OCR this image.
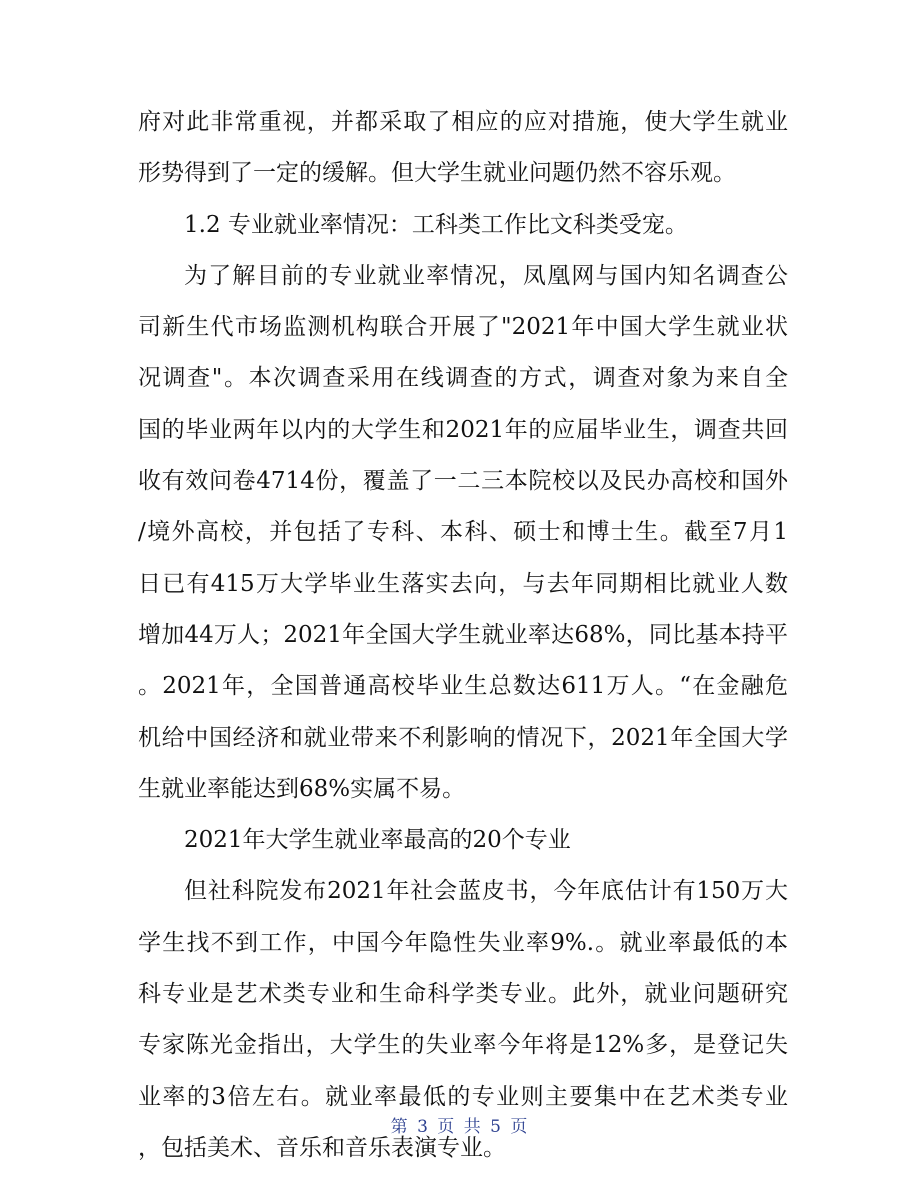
府对此非常重视，并都采取了相应的应对措施，使大学生就业
形势得到了一定的缓解。但大学生就业问题仍然不容乐观。
1.2 专业就业率情况：工科类工作比文科类受宠。
为了解目前的专业就业率情况，凤凰网与国内知名调查公
司新生代市场监测机构联合开展了"2021年中国大学生就业状
况调查"。本次调查采用在线调查的方式，调查对象为来自全
国的毕业两年以内的大学生和2021年的应届毕业生，调查共回
收有效问卷4714份，覆盖了一二三本院校以及民办高校和国外
/境外高校，并包括了专科、本科、硕士和博士生。截至7月1
日已有415万大学毕业生落实去向，与去年同期相比就业人数
增加44万人；2021年全国大学生就业率达68%，同比基本持平
。2021年，全国普通高校毕业生总数达611万人。“在金融危
机给中国经济和就业带来不利影响的情况下，2021年全国大学
生就业率能达到68%实属不易。
2021年大学生就业率最高的20个专业
但社科院发布2021年社会蓝皮书，今年底估计有150万大
学生找不到工作，中国今年隐性失业率9%.。就业率最低的本
科专业是艺术类专业和生命科学类专业。此外，就业问题研究
专家陈光金指出，大学生的失业率今年将是12%多，是登记失
业率的3倍左右。就业率最低的专业则主要集中在艺术类专业
，包括美术、音乐和音乐表演专业。
第 3 页 共 5 页
